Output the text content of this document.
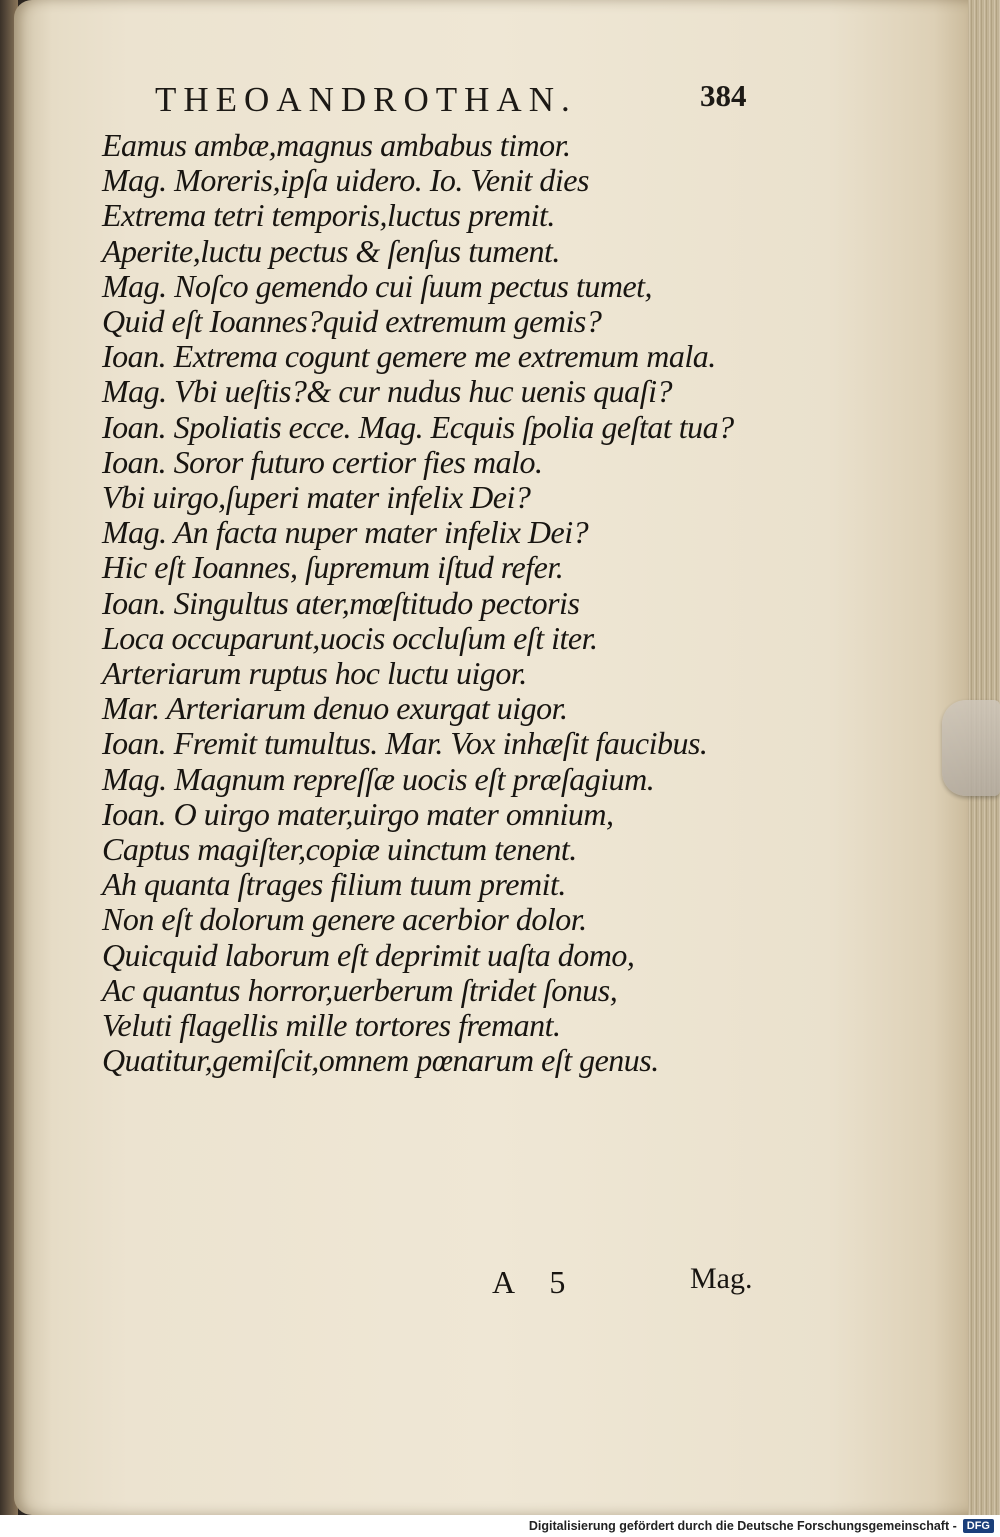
THEOANDROTHAN.	384
Eamus ambæ,magnus ambabus timor.
Mag. Moreris,ipſa uidero. Io. Venit dies
Extrema tetri temporis,luctus premit.
Aperite,luctu pectus & ſenſus tument.
Mag. Noſco gemendo cui ſuum pectus tumet,
Quid eſt Ioannes?quid extremum gemis?
Ioan. Extrema cogunt gemere me extremum mala.
Mag. Vbi ueſtis?& cur nudus huc uenis quaſi?
Ioan. Spoliatis ecce. Mag. Ecquis ſpolia geſtat tua?
Ioan. Soror futuro certior fies malo.
Vbi uirgo,ſuperi mater infelix Dei?
Mag. An facta nuper mater infelix Dei?
Hic eſt Ioannes, ſupremum iſtud refer.
Ioan. Singultus ater,mœſtitudo pectoris
Loca occuparunt,uocis occluſum eſt iter.
Arteriarum ruptus hoc luctu uigor.
Mar. Arteriarum denuo exurgat uigor.
Ioan. Fremit tumultus. Mar. Vox inhæſit faucibus.
Mag. Magnum repreſſæ uocis eſt præſagium.
Ioan. O uirgo mater,uirgo mater omnium,
Captus magiſter,copiæ uinctum tenent.
Ah quanta ſtrages filium tuum premit.
Non eſt dolorum genere acerbior dolor.
Quicquid laborum eſt deprimit uaſta domo,
Ac quantus horror,uerberum ſtridet ſonus,
Veluti flagellis mille tortores fremant.
Quatitur,gemiſcit,omnem pœnarum eſt genus.
A 5	Mag.
Digitalisierung gefördert durch die Deutsche Forschungsgemeinschaft - DFG
